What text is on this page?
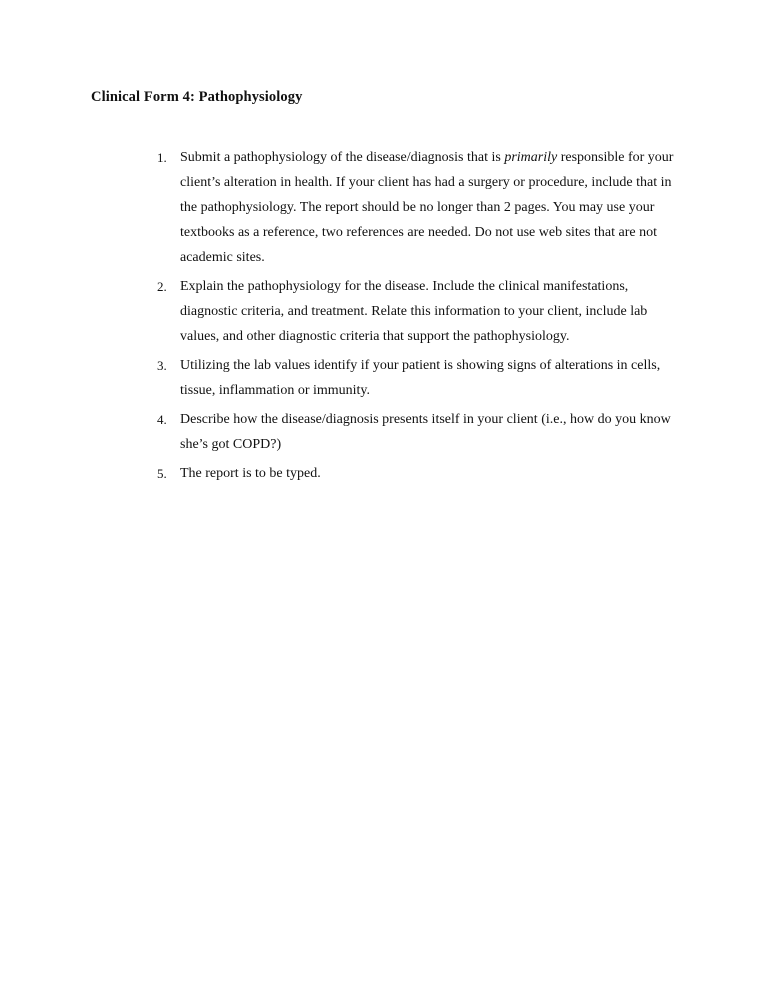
Clinical Form 4: Pathophysiology
1. Submit a pathophysiology of the disease/diagnosis that is primarily responsible for your client’s alteration in health. If your client has had a surgery or procedure, include that in the pathophysiology. The report should be no longer than 2 pages. You may use your textbooks as a reference, two references are needed. Do not use web sites that are not academic sites.
2. Explain the pathophysiology for the disease. Include the clinical manifestations, diagnostic criteria, and treatment. Relate this information to your client, include lab values, and other diagnostic criteria that support the pathophysiology.
3. Utilizing the lab values identify if your patient is showing signs of alterations in cells, tissue, inflammation or immunity.
4. Describe how the disease/diagnosis presents itself in your client (i.e., how do you know she’s got COPD?)
5. The report is to be typed.
